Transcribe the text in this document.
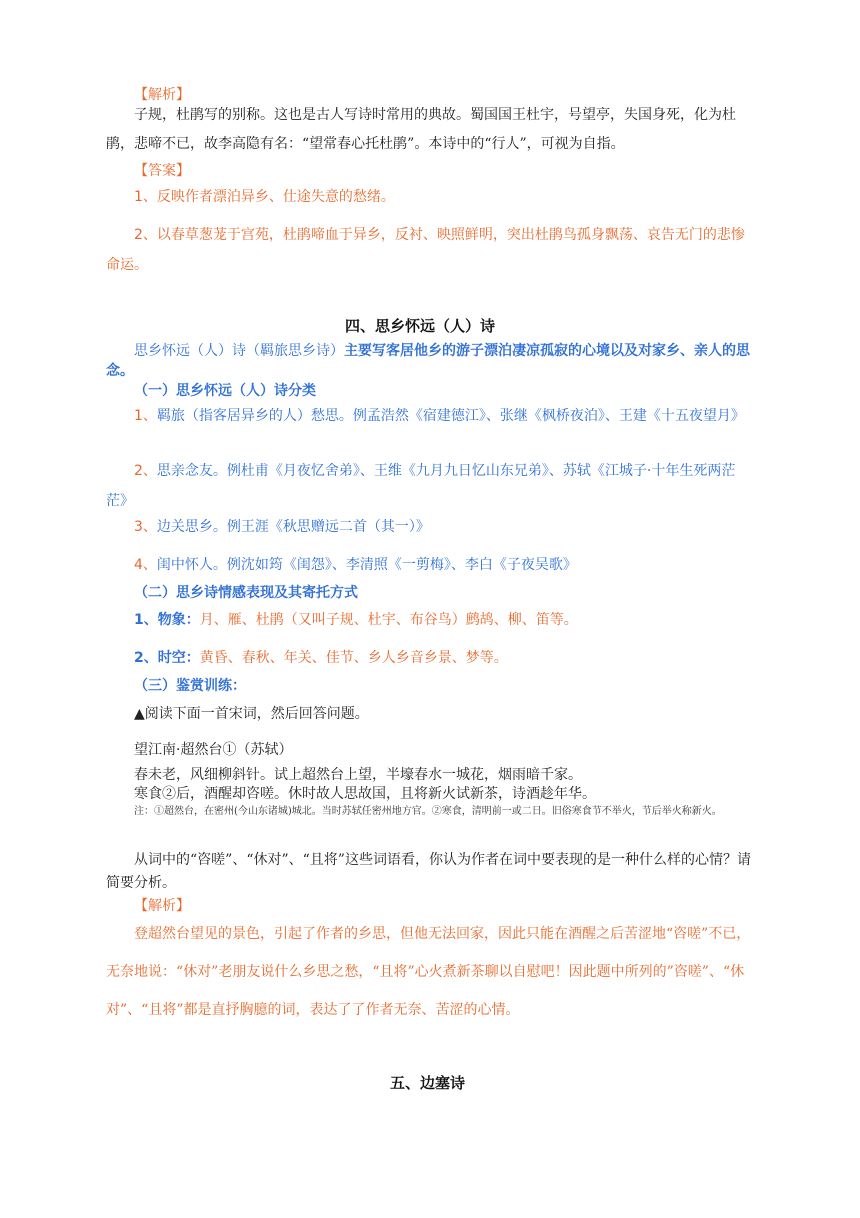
【解析】
子规，杜鹃写的别称。这也是古人写诗时常用的典故。蜀国国王杜宇，号望亭，失国身死，化为杜鹃，悲啼不已，故李高隐有名：“望常春心托杜鹃”。本诗中的“行人”，可视为自指。
【答案】
1、反映作者漂泊异乡、仕途失意的愁绪。
2、以春草葱茏于宫苑，杜鹃啼血于异乡，反衬、映照鲜明，突出杜鹃鸟孤身飘荡、哀告无门的悲惨命运。
四、思乡怀远（人）诗
思乡怀远（人）诗（羁旅思乡诗）主要写客居他乡的游子漂泊凄凉孤寂的心境以及对家乡、亲人的思念。
（一）思乡怀远（人）诗分类
1、羁旅（指客居异乡的人）愁思。例孟浩然《宿建德江》、张继《枫桥夜泊》、王建《十五夜望月》
2、思亲念友。例杜甫《月夜忆舍弟》、王维《九月九日忆山东兄弟》、苏轼《江城子·十年生死两茫茫》
3、边关思乡。例王涯《秋思赠远二首（其一）》
4、闺中怀人。例沈如筠《闺怨》、李清照《一剪梅》、李白《子夜吴歌》
（二）思乡诗情感表现及其寄托方式
1、物象：月、雁、杜鹃（又叫子规、杜宇、布谷鸟）鹧鸪、柳、笛等。
2、时空：黄昏、春秋、年关、佳节、乡人乡音乡景、梦等。
（三）鉴赏训练：
▲阅读下面一首宋词，然后回答问题。
望江南·超然台①（苏轼）
春未老，风细柳斜针。试上超然台上望，半壕春水一城花，烟雨暗千家。
寒食②后，酒醒却咨嗟。休时故人思故国，且将新火试新茶，诗酒趁年华。
注：①超然台，在密州(今山东诸城)城北。当时苏轼任密州地方官。②寒食，清明前一或二日。旧俗寒食节不举火，节后举火称新火。
从词中的“咨嗟”、“休对”、“且将”这些词语看，你认为作者在词中要表现的是一种什么样的心情？请简要分析。
【解析】
登超然台望见的景色，引起了作者的乡思，但他无法回家，因此只能在酒醒之后苦涩地“咨嗟”不已，无奈地说：“休对”老朋友说什么乡思之愁，“且将”心火煮新茶聊以自慰吧！因此题中所列的”咨嗟”、“休对”、“且将”都是直抒胸臆的词，表达了了作者无奈、苦涩的心情。
五、边塞诗
